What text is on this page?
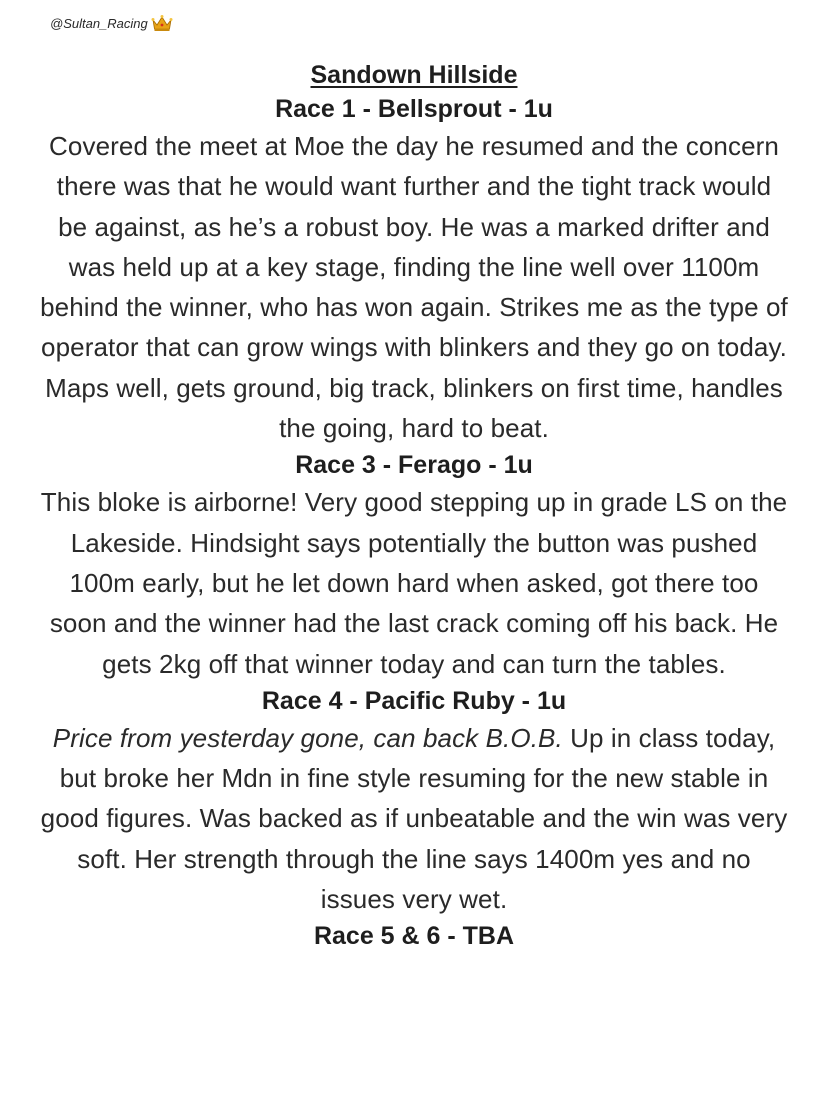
@Sultan_Racing
Sandown Hillside
Race 1 - Bellsprout - 1u

Covered the meet at Moe the day he resumed and the concern there was that he would want further and the tight track would be against, as he’s a robust boy. He was a marked drifter and was held up at a key stage, finding the line well over 1100m behind the winner, who has won again. Strikes me as the type of operator that can grow wings with blinkers and they go on today. Maps well, gets ground, big track, blinkers on first time, handles the going, hard to beat.

Race 3 - Ferago - 1u

This bloke is airborne! Very good stepping up in grade LS on the Lakeside. Hindsight says potentially the button was pushed 100m early, but he let down hard when asked, got there too soon and the winner had the last crack coming off his back. He gets 2kg off that winner today and can turn the tables.

Race 4 - Pacific Ruby - 1u

Price from yesterday gone, can back B.O.B. Up in class today, but broke her Mdn in fine style resuming for the new stable in good figures. Was backed as if unbeatable and the win was very soft. Her strength through the line says 1400m yes and no issues very wet.

Race 5 & 6 - TBA
